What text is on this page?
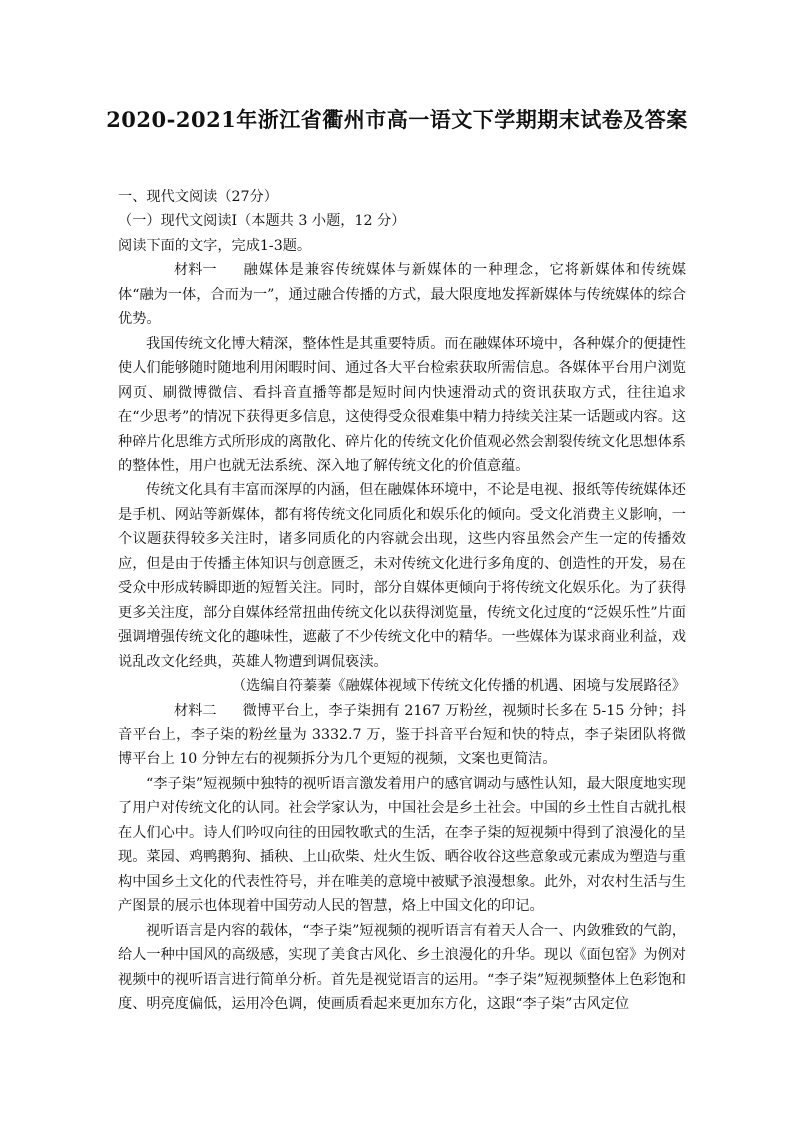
2020-2021年浙江省衢州市高一语文下学期期末试卷及答案

一、现代文阅读（27分）

（一）现代文阅读Ⅰ（本题共 3 小题，12 分）

阅读下面的文字，完成1-3题。

材料一 融媒体是兼容传统媒体与新媒体的一种理念，它将新媒体和传统媒体“融为一体，合而为一”，通过融合传播的方式，最大限度地发挥新媒体与传统媒体的综合优势。

我国传统文化博大精深，整体性是其重要特质。而在融媒体环境中，各种媒介的便捷性使人们能够随时随地利用闲暇时间、通过各大平台检索获取所需信息。各媒体平台用户浏览网页、刷微博微信、看抖音直播等都是短时间内快速滑动式的资讯获取方式，往往追求在“少思考”的情况下获得更多信息，这使得受众很难集中精力持续关注某一话题或内容。这种碎片化思维方式所形成的离散化、碎片化的传统文化价值观必然会割裂传统文化思想体系的整体性，用户也就无法系统、深入地了解传统文化的价值意蕴。

传统文化具有丰富而深厚的内涵，但在融媒体环境中，不论是电视、报纸等传统媒体还是手机、网站等新媒体，都有将传统文化同质化和娱乐化的倾向。受文化消费主义影响，一个议题获得较多关注时，诸多同质化的内容就会出现，这些内容虽然会产生一定的传播效应，但是由于传播主体知识与创意匮乏，未对传统文化进行多角度的、创造性的开发，易在受众中形成转瞬即逝的短暂关注。同时，部分自媒体更倾向于将传统文化娱乐化。为了获得更多关注度，部分自媒体经常扭曲传统文化以获得浏览量，传统文化过度的“泛娱乐性”片面强调增强传统文化的趣味性，遮蔽了不少传统文化中的精华。一些媒体为谋求商业利益，戏说乱改文化经典，英雄人物遭到调侃亵渎。

（选编自符蓁蓁《融媒体视域下传统文化传播的机遇、困境与发展路径》

材料二 微博平台上，李子柒拥有 2167 万粉丝，视频时长多在 5-15 分钟；抖音平台上，李子柒的粉丝量为 3332.7 万，鉴于抖音平台短和快的特点，李子柒团队将微博平台上 10 分钟左右的视频拆分为几个更短的视频，文案也更简洁。

“李子柒”短视频中独特的视听语言激发着用户的感官调动与感性认知，最大限度地实现了用户对传统文化的认同。社会学家认为，中国社会是乡土社会。中国的乡土性自古就扎根在人们心中。诗人们吟叹向往的田园牧歌式的生活，在李子柒的短视频中得到了浪漫化的呈现。菜园、鸡鸭鹅狗、插秧、上山砍柴、灶火生饭、晒谷收谷这些意象或元素成为塑造与重构中国乡土文化的代表性符号，并在唯美的意境中被赋予浪漫想象。此外，对农村生活与生产图景的展示也体现着中国劳动人民的智慧，烙上中国文化的印记。

视听语言是内容的载体，“李子柒”短视频的视听语言有着天人合一、内敛雅致的气韵，给人一种中国风的高级感，实现了美食古风化、乡土浪漫化的升华。现以《面包窑》为例对视频中的视听语言进行简单分析。首先是视觉语言的运用。“李子柒”短视频整体上色彩饱和度、明亮度偏低，运用冷色调，使画质看起来更加东方化，这跟“李子柒”古风定位
